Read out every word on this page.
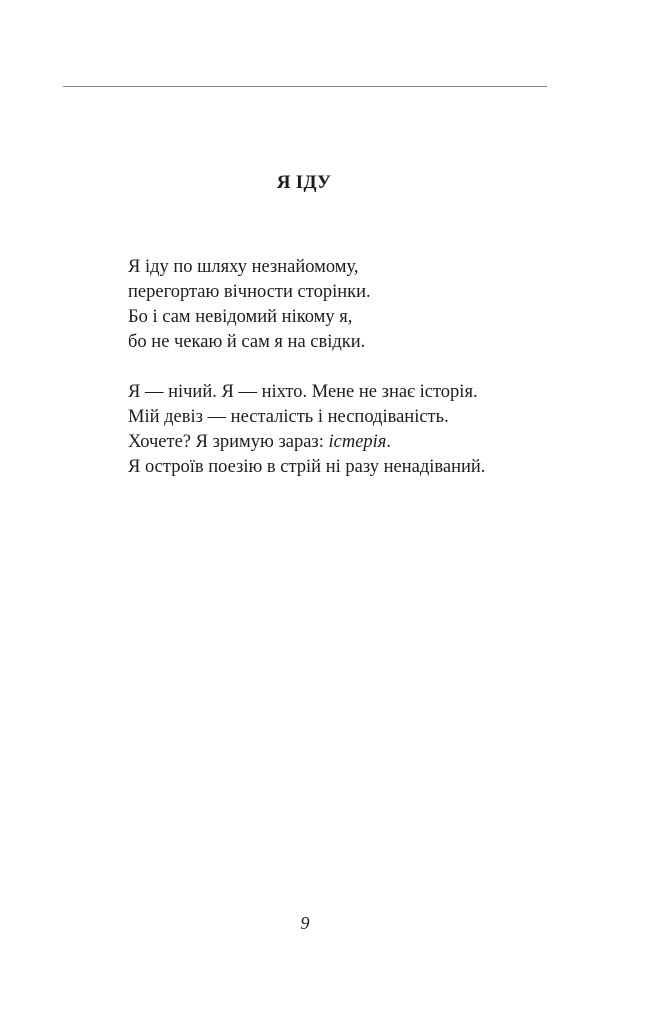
Я ІДУ

Я іду по шляху незнайомому,
перегортаю вічности сторінки.
Бо і сам невідомий нікому я,
бо не чекаю й сам я на свідки.

Я — нічий. Я — ніхто. Мене не знає історія.
Мій девіз — несталість і несподіваність.
Хочете? Я зримую зараз: істерія.
Я остроїв поезію в стрій ні разу ненадіваний.

9
